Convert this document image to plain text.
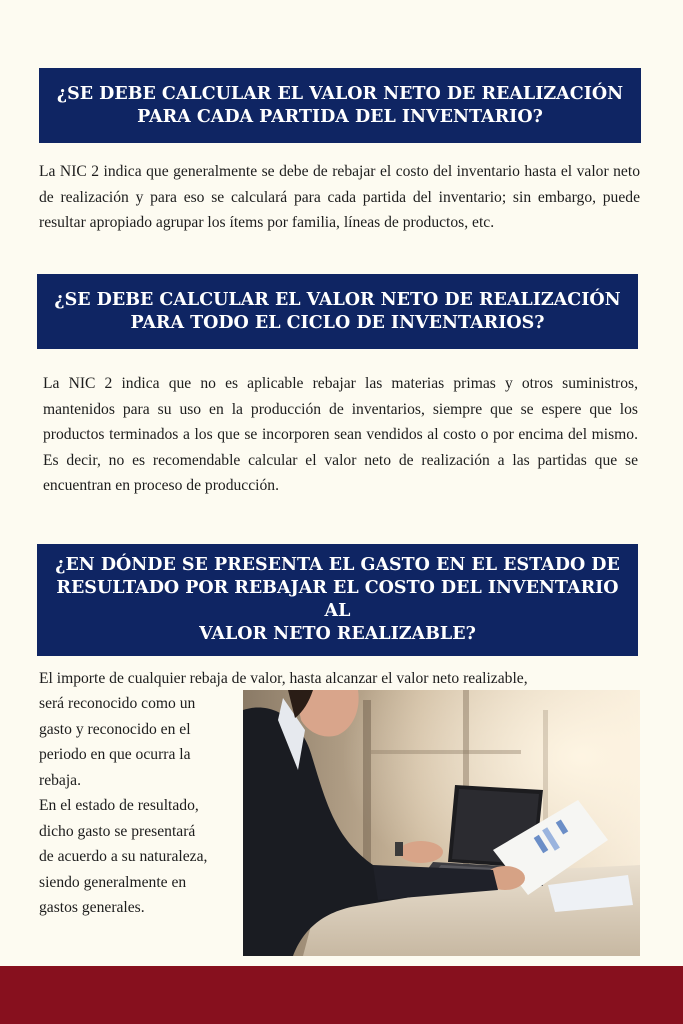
¿SE DEBE CALCULAR EL VALOR NETO DE REALIZACIÓN
PARA CADA PARTIDA DEL INVENTARIO?

La NIC 2 indica que generalmente se debe de rebajar el costo del inventario hasta el valor neto de realización y para eso se calculará para cada partida del inventario; sin embargo, puede resultar apropiado agrupar los ítems por familia, líneas de productos, etc.

¿SE DEBE CALCULAR EL VALOR NETO DE REALIZACIÓN
PARA TODO EL CICLO DE INVENTARIOS?

La NIC 2 indica que no es aplicable rebajar las materias primas y otros suministros, mantenidos para su uso en la producción de inventarios, siempre que se espere que los productos terminados a los que se incorporen sean vendidos al costo o por encima del mismo. Es decir, no es recomendable calcular el valor neto de realización a las partidas que se encuentran en proceso de producción.

¿EN DÓNDE SE PRESENTA EL GASTO EN EL ESTADO DE
RESULTADO POR REBAJAR EL COSTO DEL INVENTARIO AL
VALOR NETO REALIZABLE?

El importe de cualquier rebaja de valor, hasta alcanzar el valor neto realizable,

será reconocido como un
gasto y reconocido en el
periodo en que ocurra la
rebaja.
En el estado de resultado,
dicho gasto se presentará
de acuerdo a su naturaleza,
siendo generalmente en
gastos generales.
